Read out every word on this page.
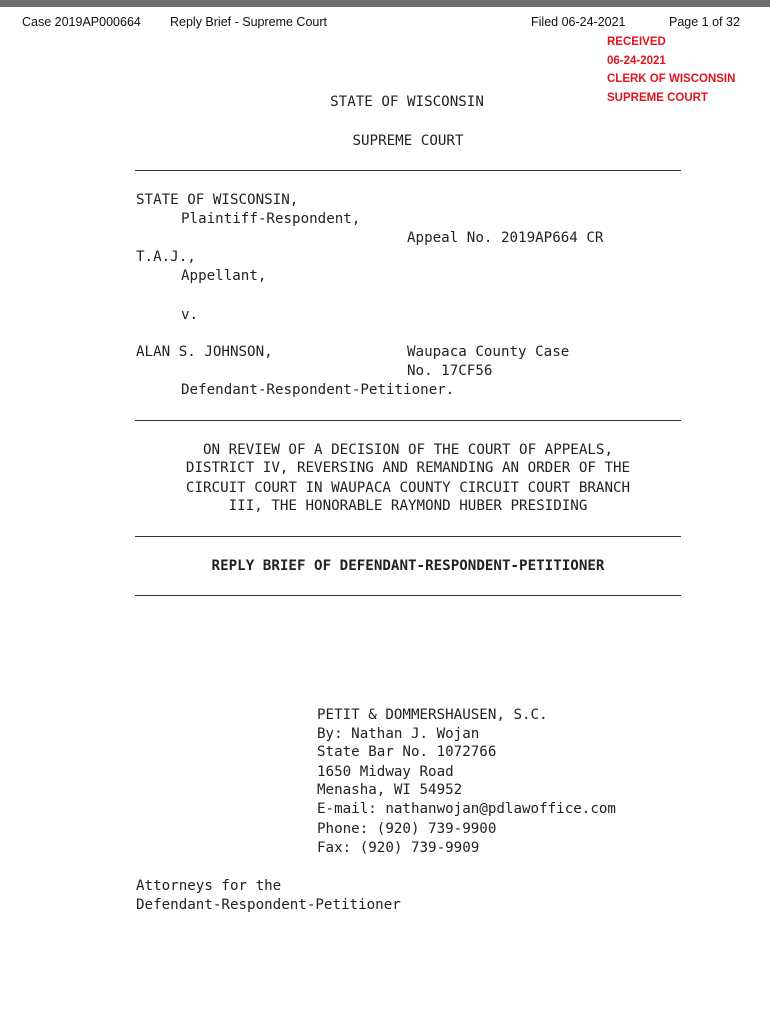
Case 2019AP000664 Reply Brief - Supreme Court	Filed 06-24-2021	Page 1 of 32
RECEIVED
06-24-2021
CLERK OF WISCONSIN
SUPREME COURT
STATE OF WISCONSIN
SUPREME COURT
STATE OF WISCONSIN,
Plaintiff-Respondent,
Appeal No. 2019AP664 CR
T.A.J.,
Appellant,
v.
ALAN S. JOHNSON,	Waupaca County Case
No. 17CF56
Defendant-Respondent-Petitioner.
ON REVIEW OF A DECISION OF THE COURT OF APPEALS,
DISTRICT IV, REVERSING AND REMANDING AN ORDER OF THE
CIRCUIT COURT IN WAUPACA COUNTY CIRCUIT COURT BRANCH
III, THE HONORABLE RAYMOND HUBER PRESIDING
REPLY BRIEF OF DEFENDANT-RESPONDENT-PETITIONER
PETIT & DOMMERSHAUSEN, S.C.
By: Nathan J. Wojan
State Bar No. 1072766
1650 Midway Road
Menasha, WI 54952
E-mail: nathanwojan@pdlawoffice.com
Phone: (920) 739-9900
Fax: (920) 739-9909
Attorneys for the
Defendant-Respondent-Petitioner
